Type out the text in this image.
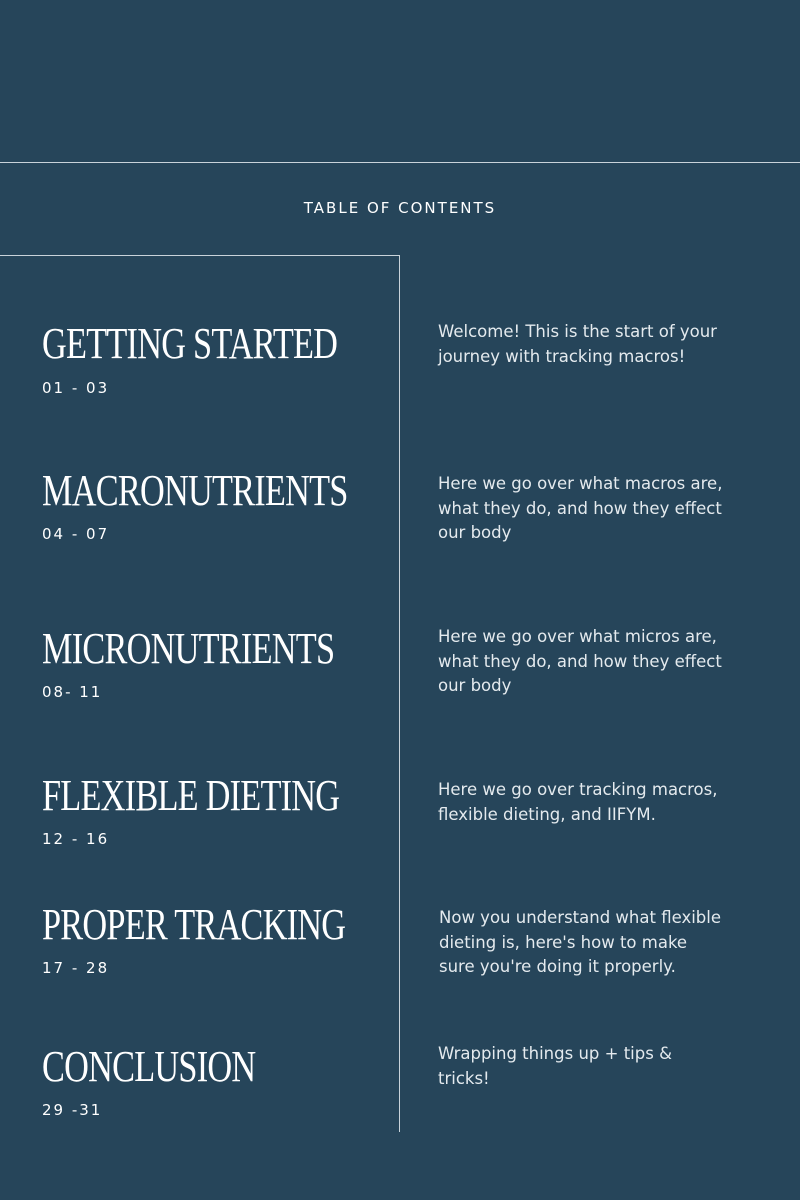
TABLE OF CONTENTS
GETTING STARTED
01 - 03
Welcome! This is the start of your journey with tracking macros!
MACRONUTRIENTS
04 - 07
Here we go over what macros are, what they do, and how they effect our body
MICRONUTRIENTS
08- 11
Here we go over what micros are, what they do, and how they effect our body
FLEXIBLE DIETING
12 - 16
Here we go over tracking macros, flexible dieting, and IIFYM.
PROPER TRACKING
17 - 28
Now you understand what flexible dieting is, here's how to make sure you're doing it properly.
CONCLUSION
29 -31
Wrapping things up + tips & tricks!
